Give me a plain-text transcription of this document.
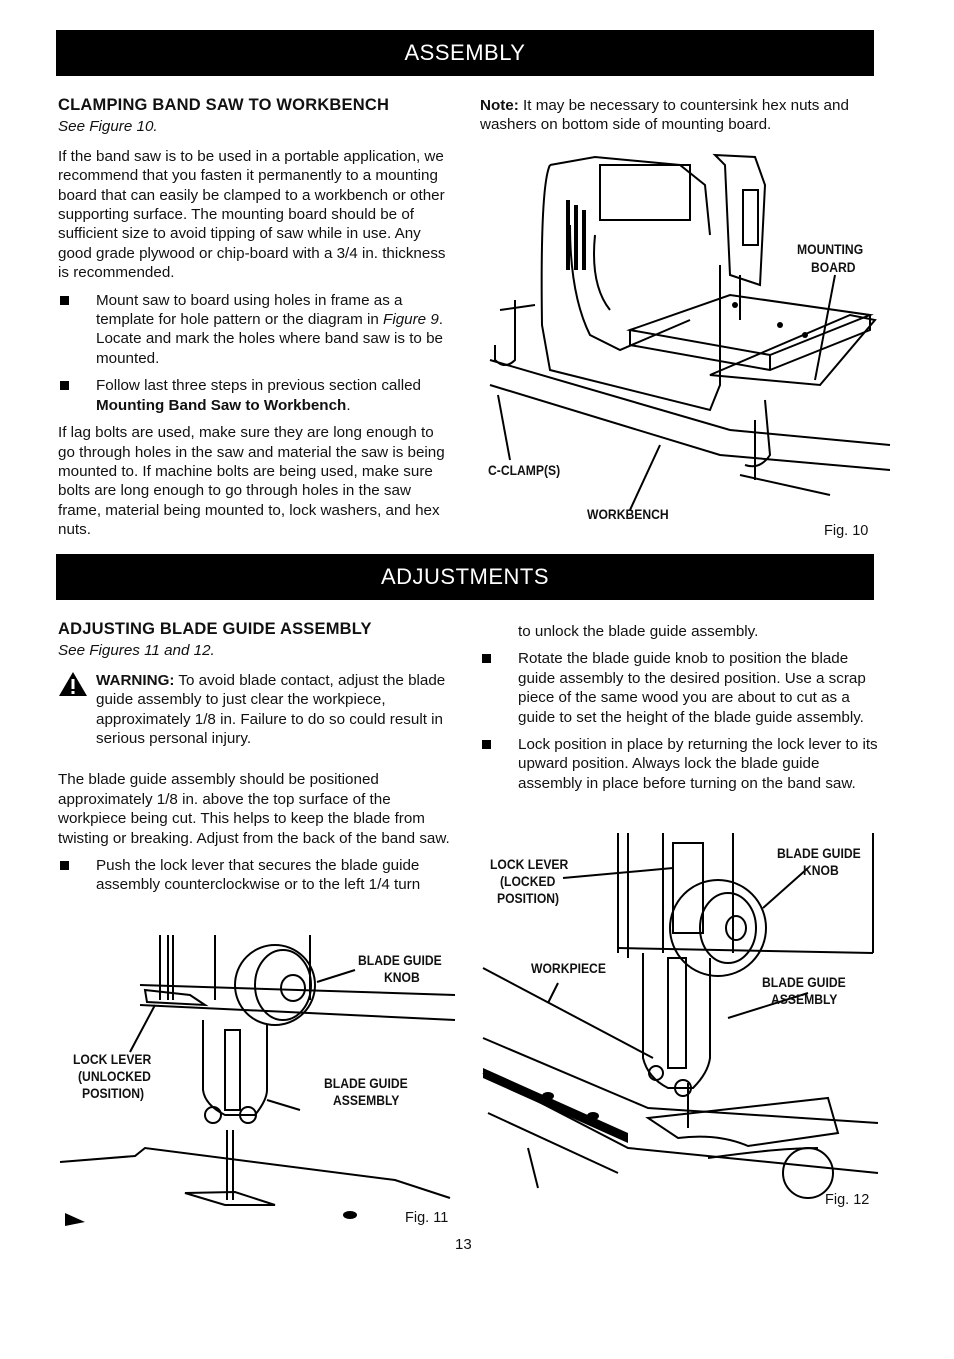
ASSEMBLY
CLAMPING BAND SAW TO WORKBENCH
See Figure 10.

If the band saw is to be used in a portable application, we recommend that you fasten it permanently to a mounting board that can easily be clamped to a workbench or other supporting surface. The mounting board should be of sufficient size to avoid tipping of saw while in use. Any good grade plywood or chip-board with a 3/4 in. thickness is recommended.

Mount saw to board using holes in frame as a template for hole pattern or the diagram in Figure 9. Locate and mark the holes where band saw is to be mounted.
Follow last three steps in previous section called Mounting Band Saw to Workbench.

If lag bolts are used, make sure they are long enough to go through holes in the saw and material the saw is being mounted to. If machine bolts are being used, make sure bolts are long enough to go through holes in the saw frame, material being mounted to, lock washers, and hex nuts.

Note: It may be necessary to countersink hex nuts and washers on bottom side of mounting board.
MOUNTING
BOARD
C-CLAMP(S)
WORKBENCH
Fig. 10
ADJUSTMENTS
ADJUSTING BLADE GUIDE ASSEMBLY
See Figures 11 and 12.
WARNING: To avoid blade contact, adjust the blade guide assembly to just clear the workpiece, approximately 1/8 in. Failure to do so could result in serious personal injury.

The blade guide assembly should be positioned approximately 1/8 in. above the top surface of the workpiece being cut. This helps to keep the blade from twisting or breaking. Adjust from the back of the band saw.

Push the lock lever that secures the blade guide assembly counterclockwise or to the left 1/4 turn

to unlock the blade guide assembly.

Rotate the blade guide knob to position the blade guide assembly to the desired position. Use a scrap piece of the same wood you are about to cut as a guide to set the height of the blade guide assembly.
Lock position in place by returning the lock lever to its upward position. Always lock the blade guide assembly in place before turning on the band saw.
BLADE GUIDE
KNOB
LOCK LEVER
(UNLOCKED
POSITION)
BLADE GUIDE
ASSEMBLY
Fig. 11
LOCK LEVER
(LOCKED
POSITION)
BLADE GUIDE
KNOB
WORKPIECE
BLADE GUIDE
ASSEMBLY
Fig. 12
13
